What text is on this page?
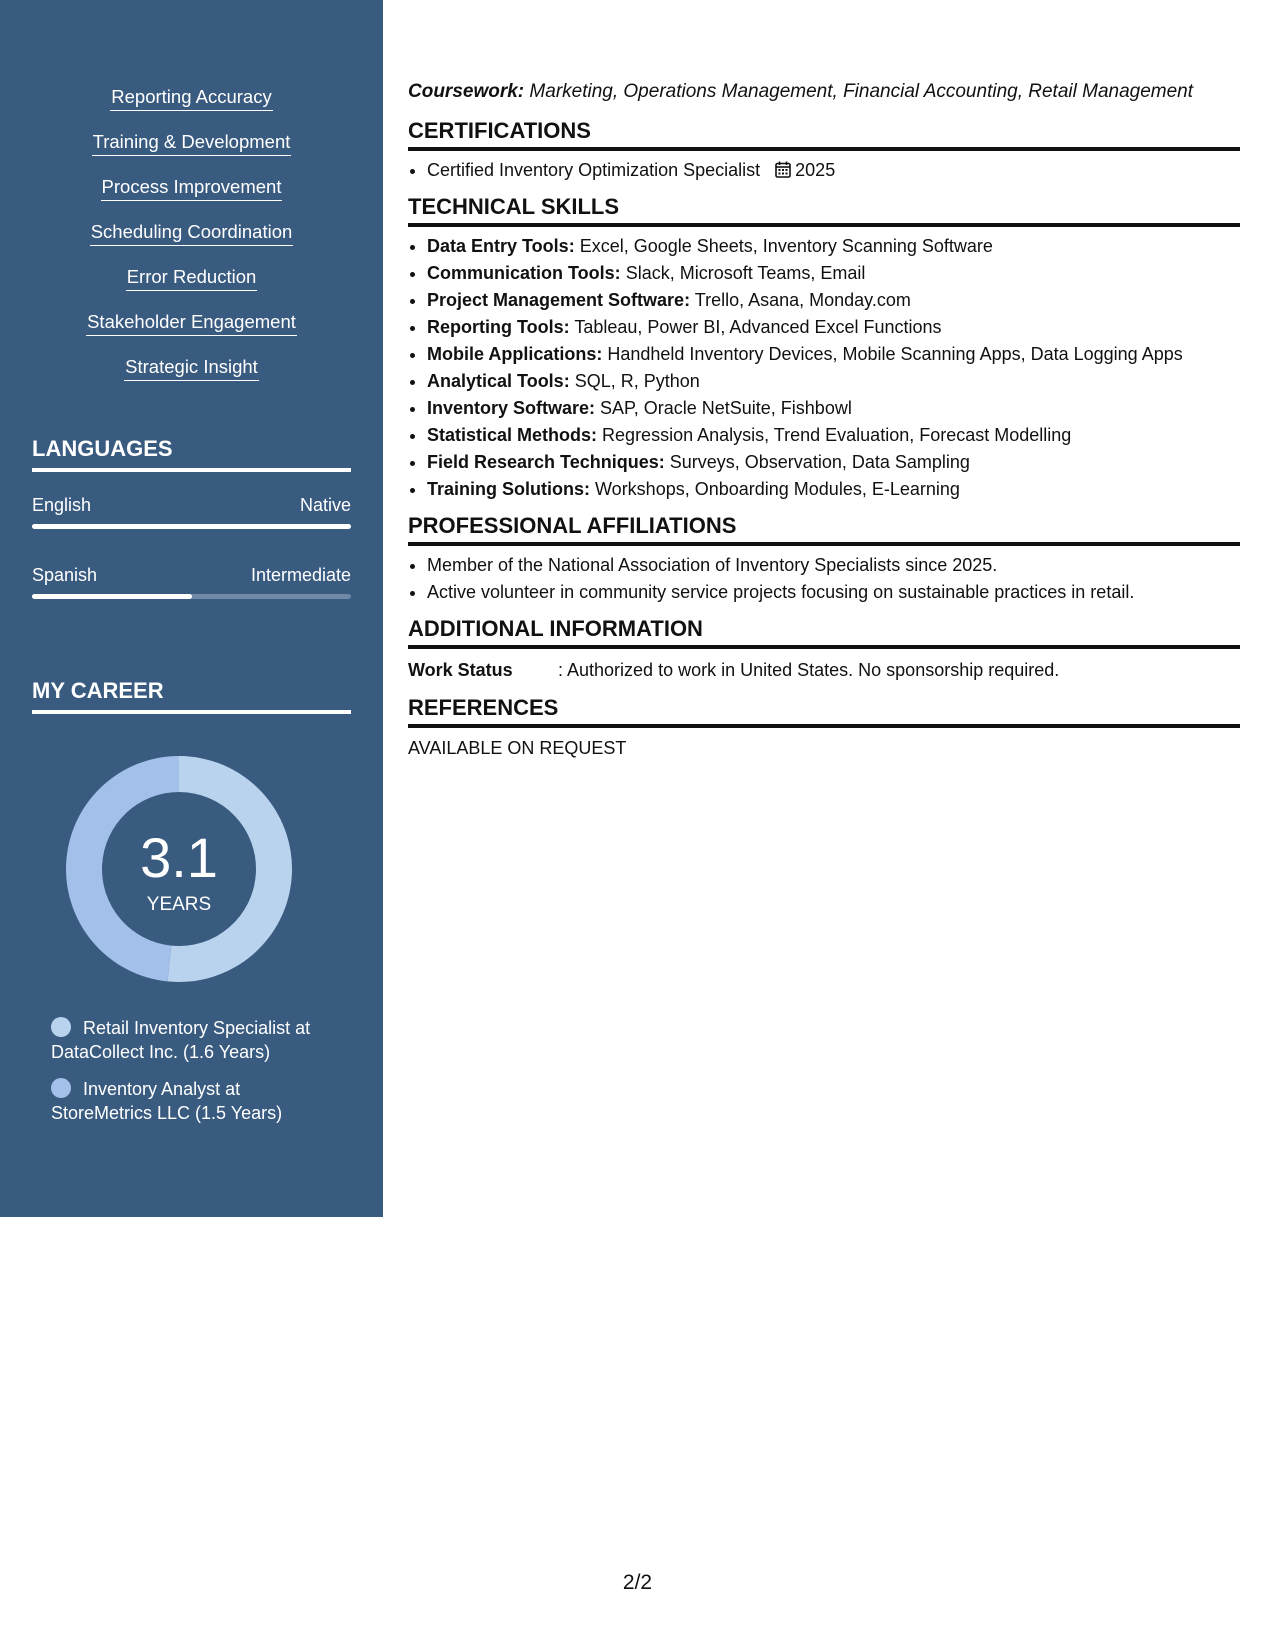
Reporting Accuracy
Training & Development
Process Improvement
Scheduling Coordination
Error Reduction
Stakeholder Engagement
Strategic Insight
LANGUAGES
English	Native
Spanish	Intermediate
MY CAREER
3.1
YEARS
Retail Inventory Specialist at DataCollect Inc. (1.6 Years)
Inventory Analyst at StoreMetrics LLC (1.5 Years)

Coursework: Marketing, Operations Management, Financial Accounting, Retail Management

CERTIFICATIONS
• Certified Inventory Optimization Specialist 2025
TECHNICAL SKILLS
• Data Entry Tools: Excel, Google Sheets, Inventory Scanning Software
• Communication Tools: Slack, Microsoft Teams, Email
• Project Management Software: Trello, Asana, Monday.com
• Reporting Tools: Tableau, Power BI, Advanced Excel Functions
• Mobile Applications: Handheld Inventory Devices, Mobile Scanning Apps, Data Logging Apps
• Analytical Tools: SQL, R, Python
• Inventory Software: SAP, Oracle NetSuite, Fishbowl
• Statistical Methods: Regression Analysis, Trend Evaluation, Forecast Modelling
• Field Research Techniques: Surveys, Observation, Data Sampling
• Training Solutions: Workshops, Onboarding Modules, E-Learning
PROFESSIONAL AFFILIATIONS
• Member of the National Association of Inventory Specialists since 2025.
• Active volunteer in community service projects focusing on sustainable practices in retail.
ADDITIONAL INFORMATION
Work Status	: Authorized to work in United States. No sponsorship required.
REFERENCES

AVAILABLE ON REQUEST

2/2
